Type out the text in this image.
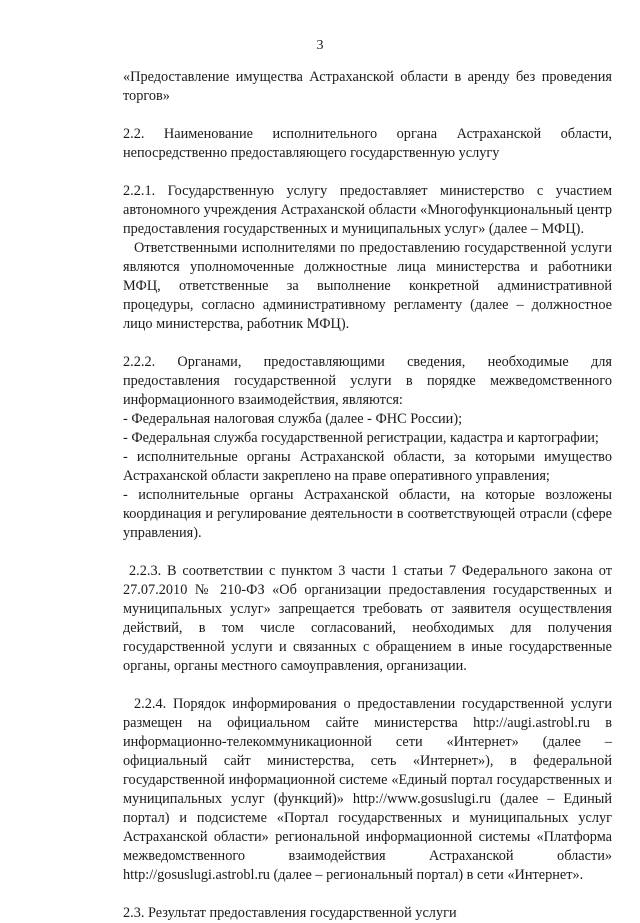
3

«Предоставление имущества Астраханской области в аренду без проведения торгов»

2.2. Наименование исполнительного органа Астраханской области, непосредственно предоставляющего государственную услугу

2.2.1. Государственную услугу предоставляет министерство с участием автономного учреждения Астраханской области «Многофункциональный центр предоставления государственных и муниципальных услуг» (далее – МФЦ).

Ответственными исполнителями по предоставлению государственной услуги являются уполномоченные должностные лица министерства и работники МФЦ, ответственные за выполнение конкретной административной процедуры, согласно административному регламенту (далее – должностное лицо министерства, работник МФЦ).

2.2.2. Органами, предоставляющими сведения, необходимые для предоставления государственной услуги в порядке межведомственного информационного взаимодействия, являются:

- Федеральная налоговая служба (далее - ФНС России);

- Федеральная служба государственной регистрации, кадастра и картографии;

- исполнительные органы Астраханской области, за которыми имущество Астраханской области закреплено на праве оперативного управления;

- исполнительные органы Астраханской области, на которые возложены координация и регулирование деятельности в соответствующей отрасли (сфере управления).

2.2.3. В соответствии с пунктом 3 части 1 статьи 7 Федерального закона от 27.07.2010 № 210-ФЗ «Об организации предоставления государственных и муниципальных услуг» запрещается требовать от заявителя осуществления действий, в том числе согласований, необходимых для получения государственной услуги и связанных с обращением в иные государственные органы, органы местного самоуправления, организации.

2.2.4. Порядок информирования о предоставлении государственной услуги размещен на официальном сайте министерства http://augi.astrobl.ru в информационно-телекоммуникационной сети «Интернет» (далее – официальный сайт министерства, сеть «Интернет»), в федеральной государственной информационной системе «Единый портал государственных и муниципальных услуг (функций)» http://www.gosuslugi.ru (далее – Единый портал) и подсистеме «Портал государственных и муниципальных услуг Астраханской области» региональной информационной системы «Платформа межведомственного взаимодействия Астраханской области» http://gosuslugi.astrobl.ru (далее – региональный портал) в сети «Интернет».

2.3. Результат предоставления государственной услуги
